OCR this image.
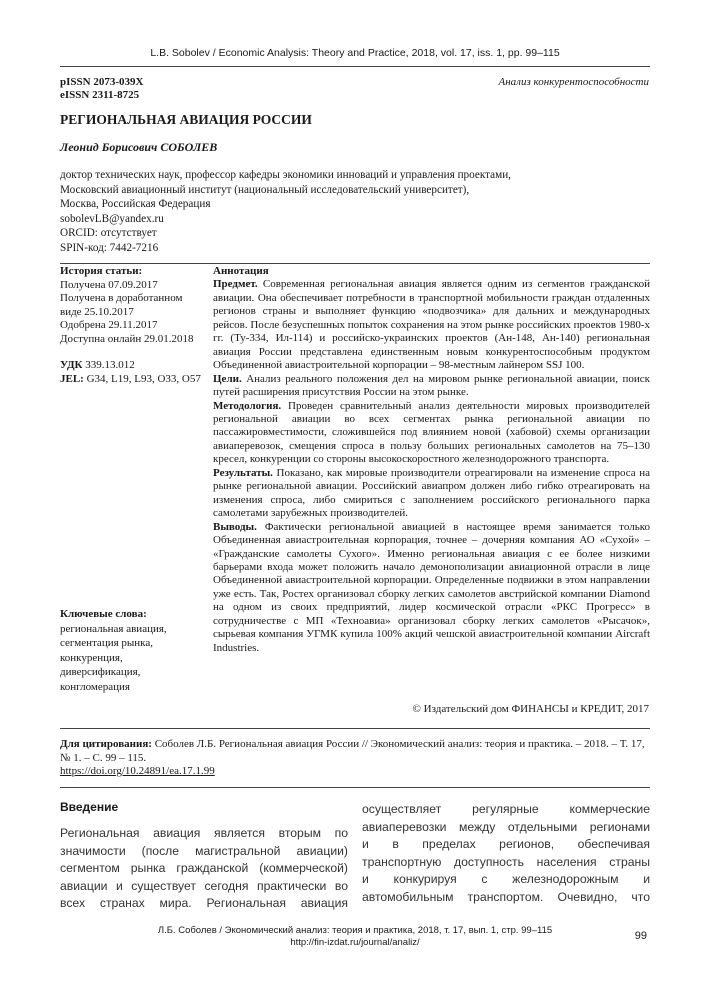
L.B. Sobolev / Economic Analysis: Theory and Practice, 2018, vol. 17, iss. 1, pp. 99–115
pISSN 2073-039X
eISSN 2311-8725
Анализ конкурентоспособности
РЕГИОНАЛЬНАЯ АВИАЦИЯ РОССИИ
Леонид Борисович СОБОЛЕВ
доктор технических наук, профессор кафедры экономики инноваций и управления проектами,
Московский авиационный институт (национальный исследовательский университет),
Москва, Российская Федерация
sobolevLB@yandex.ru
ORCID: отсутствует
SPIN-код: 7442-7216
История статьи:
Получена 07.09.2017
Получена в доработанном виде 25.10.2017
Одобрена 29.11.2017
Доступна онлайн 29.01.2018
УДК 339.13.012
JEL: G34, L19, L93, O33, O57
Ключевые слова:
региональная авиация,
сегментация рынка,
конкуренция,
диверсификация,
конгломерация

Аннотация

Предмет. Современная региональная авиация является одним из сегментов гражданской авиации. Она обеспечивает потребности в транспортной мобильности граждан отдаленных регионов страны и выполняет функцию «подвозчика» для дальних и международных рейсов. После безуспешных попыток сохранения на этом рынке российских проектов 1980-х гг. (Ту-334, Ил-114) и российско-украинских проектов (Ан-148, Ан-140) региональная авиация России представлена единственным новым конкурентоспособным продуктом Объединенной авиастроительной корпорации – 98-местным лайнером SSJ 100.

Цели. Анализ реального положения дел на мировом рынке региональной авиации, поиск путей расширения присутствия России на этом рынке.

Методология. Проведен сравнительный анализ деятельности мировых производителей региональной авиации во всех сегментах рынка региональной авиации по пассажировместимости, сложившейся под влиянием новой (хабовой) схемы организации авиаперевозок, смещения спроса в пользу больших региональных самолетов на 75–130 кресел, конкуренции со стороны высокоскоростного железнодорожного транспорта.

Результаты. Показано, как мировые производители отреагировали на изменение спроса на рынке региональной авиации. Российский авиапром должен либо гибко отреагировать на изменения спроса, либо смириться с заполнением российского регионального парка самолетами зарубежных производителей.

Выводы. Фактически региональной авиацией в настоящее время занимается только Объединенная авиастроительная корпорация, точнее – дочерняя компания АО «Сухой» – «Гражданские самолеты Сухого». Именно региональная авиация с ее более низкими барьерами входа может положить начало демонополизации авиационной отрасли в лице Объединенной авиастроительной корпорации. Определенные подвижки в этом направлении уже есть. Так, Ростех организовал сборку легких самолетов австрийской компании Diamond на одном из своих предприятий, лидер космической отрасли «РКС Прогресс» в сотрудничестве с МП «Техноавиа» организовал сборку легких самолетов «Рысачок», сырьевая компания УГМК купила 100% акций чешской авиастроительной компании Aircraft Industries.

© Издательский дом ФИНАНСЫ и КРЕДИТ, 2017
Для цитирования: Соболев Л.Б. Региональная авиация России // Экономический анализ: теория и практика. – 2018. – Т. 17, № 1. – С. 99 – 115.
https://doi.org/10.24891/ea.17.1.99
Введение
Региональная авиация является вторым по
значимости (после магистральной авиации)
сегментом рынка гражданской (коммерческой)
авиации и существует сегодня практически во
всех странах мира. Региональная авиация
осуществляет регулярные коммерческие
авиаперевозки между отдельными регионами
и в пределах регионов, обеспечивая
транспортную доступность населения страны
и конкурируя с железнодорожным и
автомобильным транспортом. Очевидно, что
Л.Б. Соболев / Экономический анализ: теория и практика, 2018, т. 17, вып. 1, стр. 99–115
http://fin-izdat.ru/journal/analiz/	99
